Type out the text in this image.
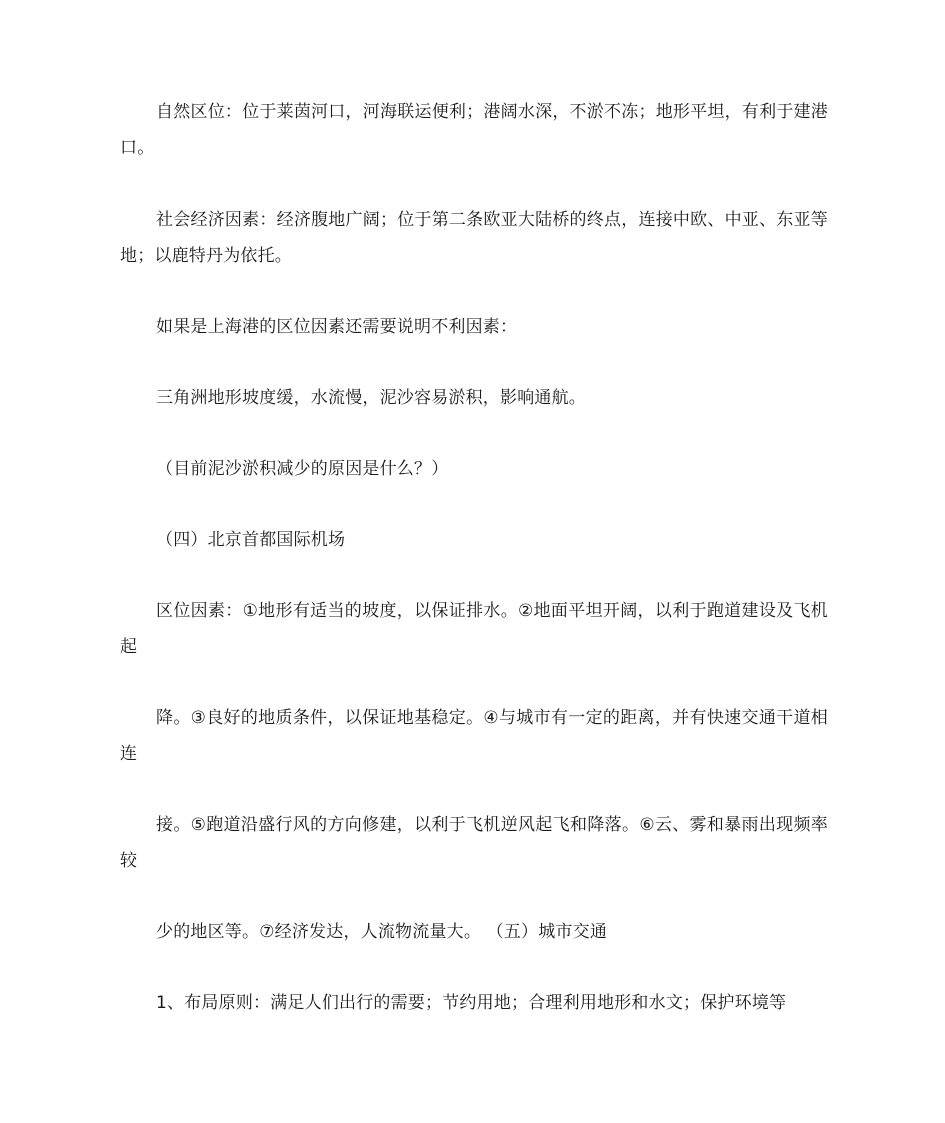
自然区位：位于莱茵河口，河海联运便利；港阔水深，不淤不冻；地形平坦，有利于建港口。

社会经济因素：经济腹地广阔；位于第二条欧亚大陆桥的终点，连接中欧、中亚、东亚等地；以鹿特丹为依托。

如果是上海港的区位因素还需要说明不利因素：

三角洲地形坡度缓，水流慢，泥沙容易淤积，影响通航。

（目前泥沙淤积减少的原因是什么？）

（四）北京首都国际机场

区位因素：①地形有适当的坡度，以保证排水。②地面平坦开阔，以利于跑道建设及飞机起

降。③良好的地质条件，以保证地基稳定。④与城市有一定的距离，并有快速交通干道相连

接。⑤跑道沿盛行风的方向修建，以利于飞机逆风起飞和降落。⑥云、雾和暴雨出现频率较

少的地区等。⑦经济发达，人流物流量大。 （五）城市交通

1、布局原则：满足人们出行的需要；节约用地；合理利用地形和水文；保护环境等
